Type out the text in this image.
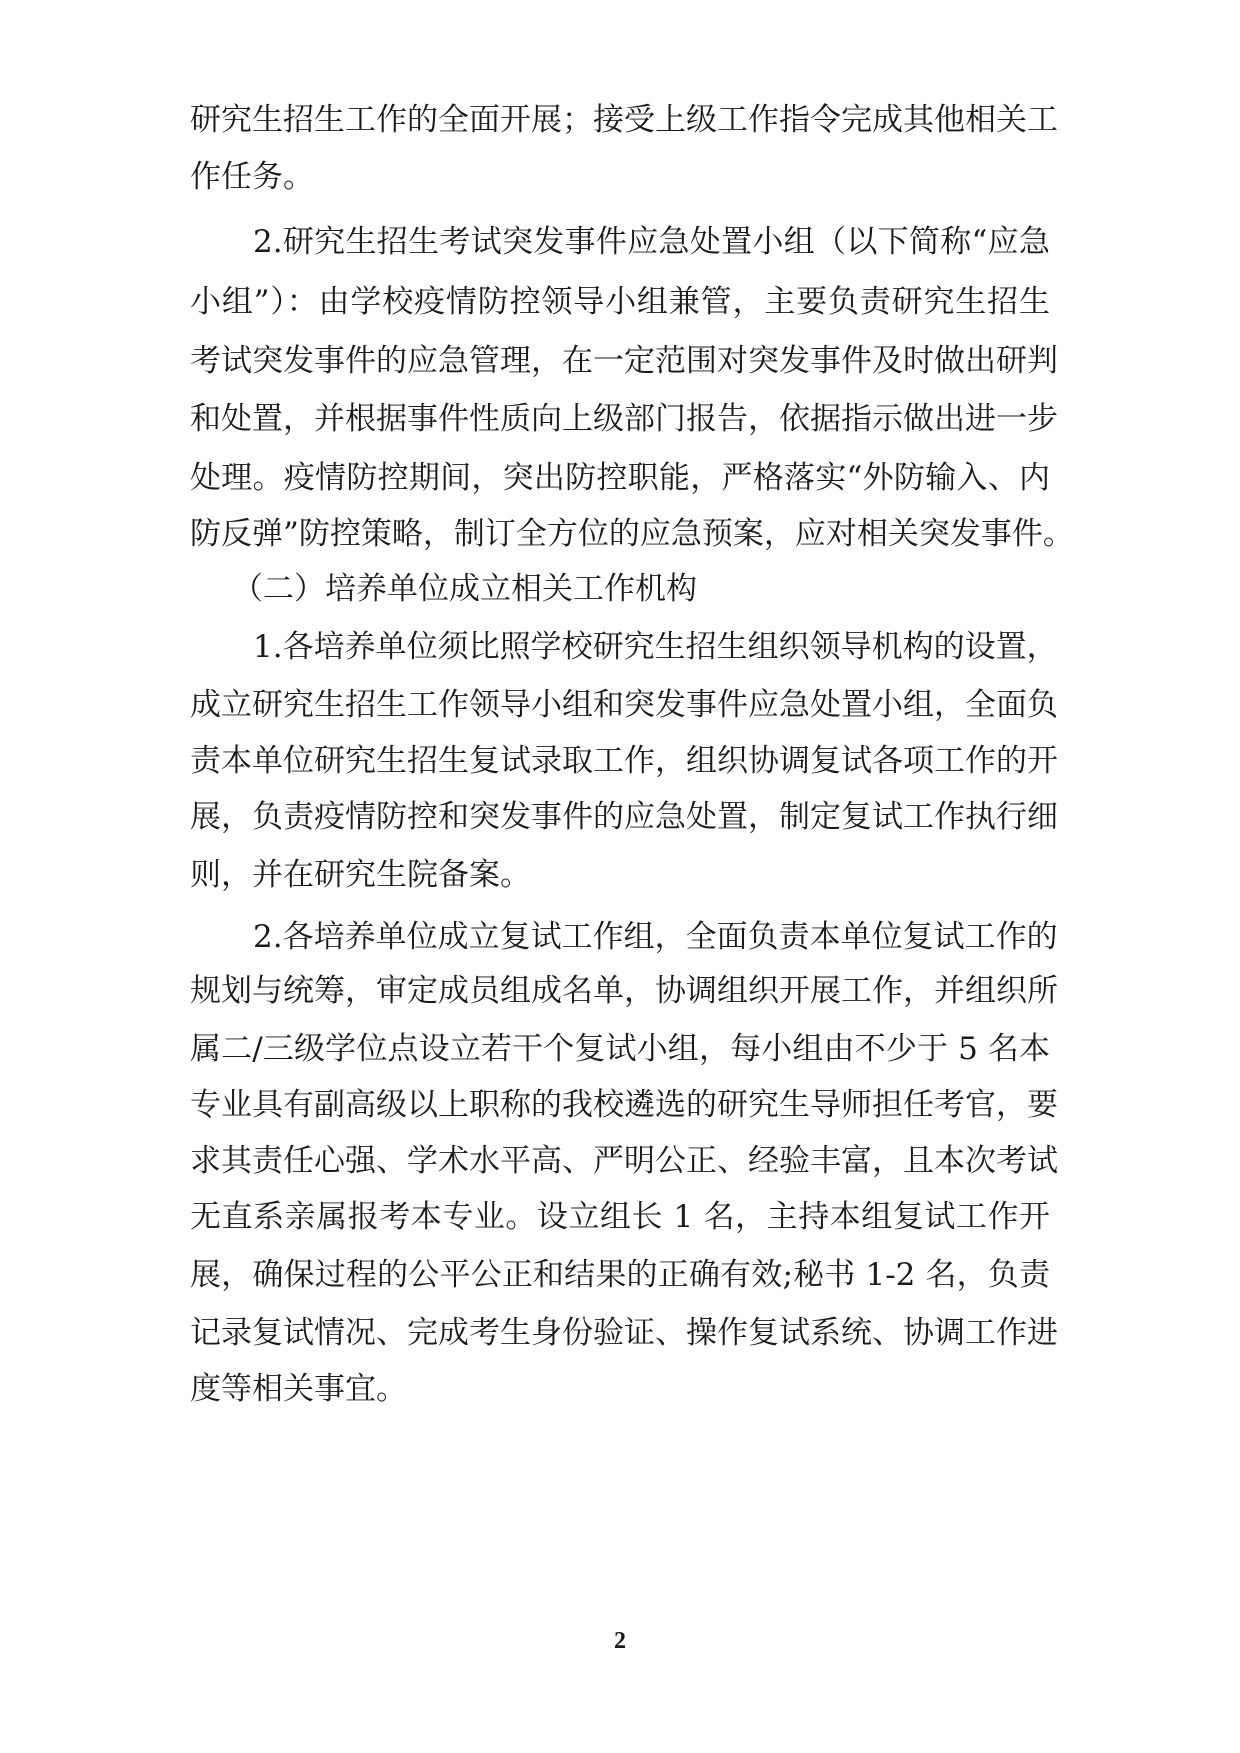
研究生招生工作的全面开展；接受上级工作指令完成其他相关工
作任务。
2.研究生招生考试突发事件应急处置小组（以下简称“应急
小组”）：由学校疫情防控领导小组兼管，主要负责研究生招生
考试突发事件的应急管理，在一定范围对突发事件及时做出研判
和处置，并根据事件性质向上级部门报告，依据指示做出进一步
处理。疫情防控期间，突出防控职能，严格落实“外防输入、内
防反弹”防控策略，制订全方位的应急预案，应对相关突发事件。
（二）培养单位成立相关工作机构
1.各培养单位须比照学校研究生招生组织领导机构的设置，
成立研究生招生工作领导小组和突发事件应急处置小组，全面负
责本单位研究生招生复试录取工作，组织协调复试各项工作的开
展，负责疫情防控和突发事件的应急处置，制定复试工作执行细
则，并在研究生院备案。
2.各培养单位成立复试工作组，全面负责本单位复试工作的
规划与统筹，审定成员组成名单，协调组织开展工作，并组织所
属二/三级学位点设立若干个复试小组，每小组由不少于 5 名本
专业具有副高级以上职称的我校遴选的研究生导师担任考官，要
求其责任心强、学术水平高、严明公正、经验丰富，且本次考试
无直系亲属报考本专业。设立组长 1 名，主持本组复试工作开
展，确保过程的公平公正和结果的正确有效;秘书 1-2 名，负责
记录复试情况、完成考生身份验证、操作复试系统、协调工作进
度等相关事宜。
2
